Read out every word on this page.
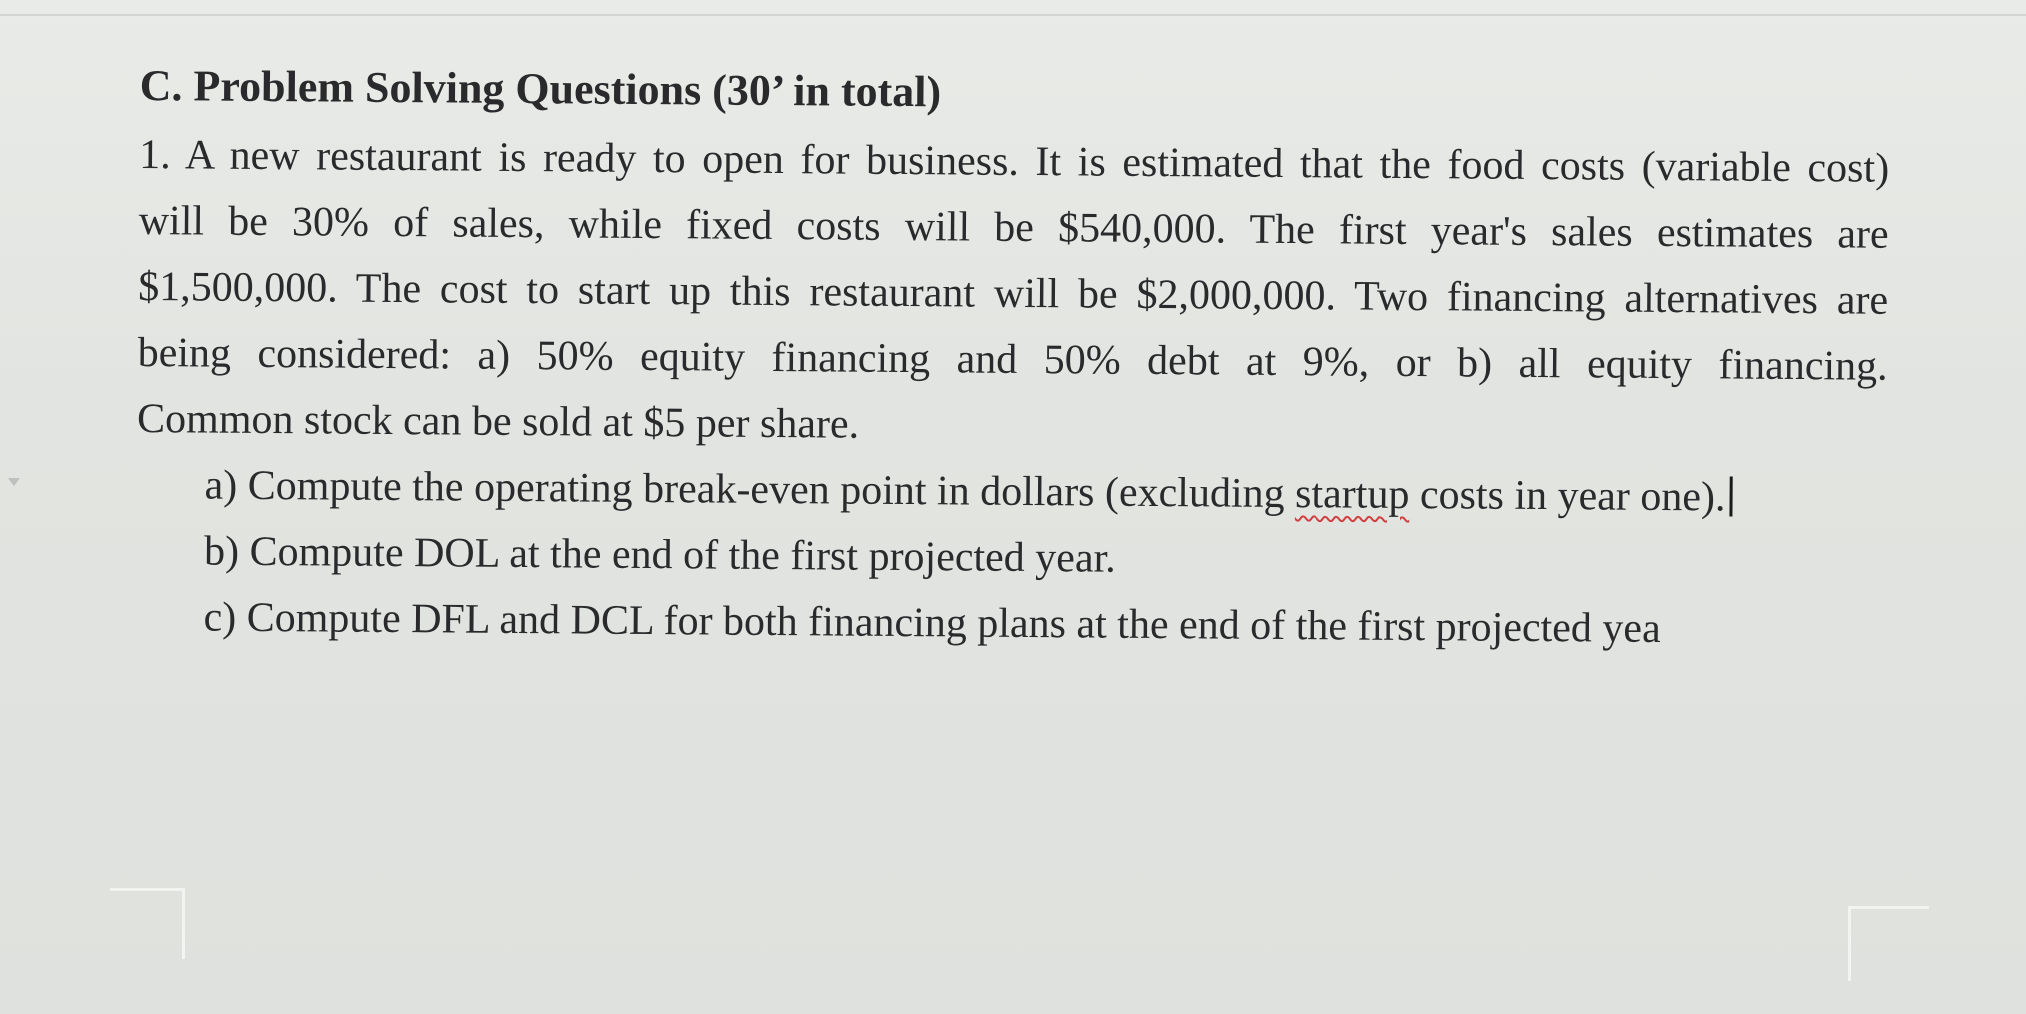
C. Problem Solving Questions (30’ in total)

1. A new restaurant is ready to open for business. It is estimated that the food costs (variable cost)
will be 30% of sales, while fixed costs will be $540,000. The first year's sales estimates are
$1,500,000. The cost to start up this restaurant will be $2,000,000. Two financing alternatives are
being considered: a) 50% equity financing and 50% debt at 9%, or b) all equity financing.
Common stock can be sold at $5 per share.

a) Compute the operating break-even point in dollars (excluding startup costs in year one).
b) Compute DOL at the end of the first projected year.
c) Compute DFL and DCL for both financing plans at the end of the first projected yea
